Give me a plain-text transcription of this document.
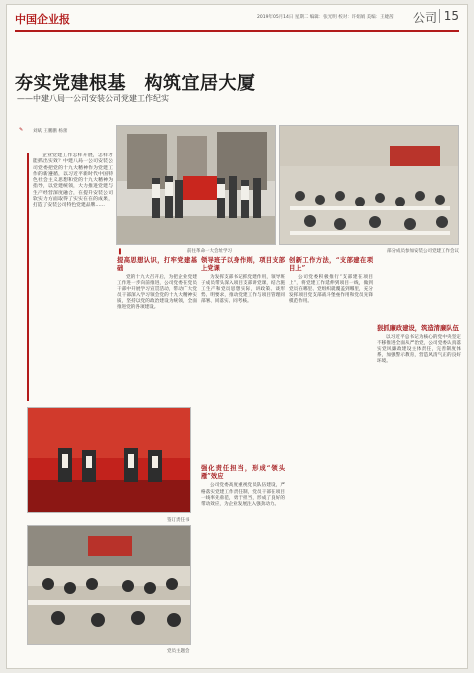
中国企业报	2019年05月14日 星期二 编辑：张光明 校对：许娟娟 美编：王婕茜 公司 15
夯实党建根基　构筑宜居大厦
——中建八局一公司安装公司党建工作纪实
前往革命一大会址学习	部分成员参加安装公司党建工作会议
刘斌 王鹏鹏 杨蕾
✎

企业党建工作怎样开展，怎样才能抓出实效？中建八局一公司安装公司党委把党的十九大精神作为党建工作的新遵循，以习近平新时代中国特色社会主义思想和党的十九大精神为指导，以党建统领，大力推进党建与生产经营深度融合，在提升安装公司软实力方面取得了实实在在的成果，打造了安装公司特色党建品牌……

提高思想认识，打牢党建基础

党的十九大召开后，为把企业党建工作进一步向前推进，公司党委在党员干部中开展学习宣贯活动，带动广大党员干部深入学习领会党的十九大精神实质，坚持以党的政治建设为统领，全面推进党的各项建设。

领导班子以身作则，项目支部上党课

为发挥支部书记抓党建作用，领导班子成员带头深入项目支部讲党课，结合施工生产和党员思想实际，讲政策、谈形势、明要求，推动党建工作与项目管理同部署、同落实、同考核。

强化责任担当，形成“领头雁”效应

公司党委高度重视党员队伍建设，严格落实党建工作责任制，党员干部在项目一线率先垂范，勇于担当，形成了良好的带动效应，为企业发展注入强劲动力。

创新工作方法，“支部建在项目上”

公司党委积极推行“支部建在项目上”，将党建工作延伸到项目一线，做到党员在哪里、党组织就覆盖到哪里，充分发挥项目党支部战斗堡垒作用和党员先锋模范作用。

狠抓廉政建设，筑造清廉队伍

以习近平总书记为核心的党中央坚定不移推进全面从严治党，公司党委认真落实党风廉政建设主体责任，完善制度体系，加强警示教育，营造风清气正的良好环境。

签订责任书
党员主题会
▌
